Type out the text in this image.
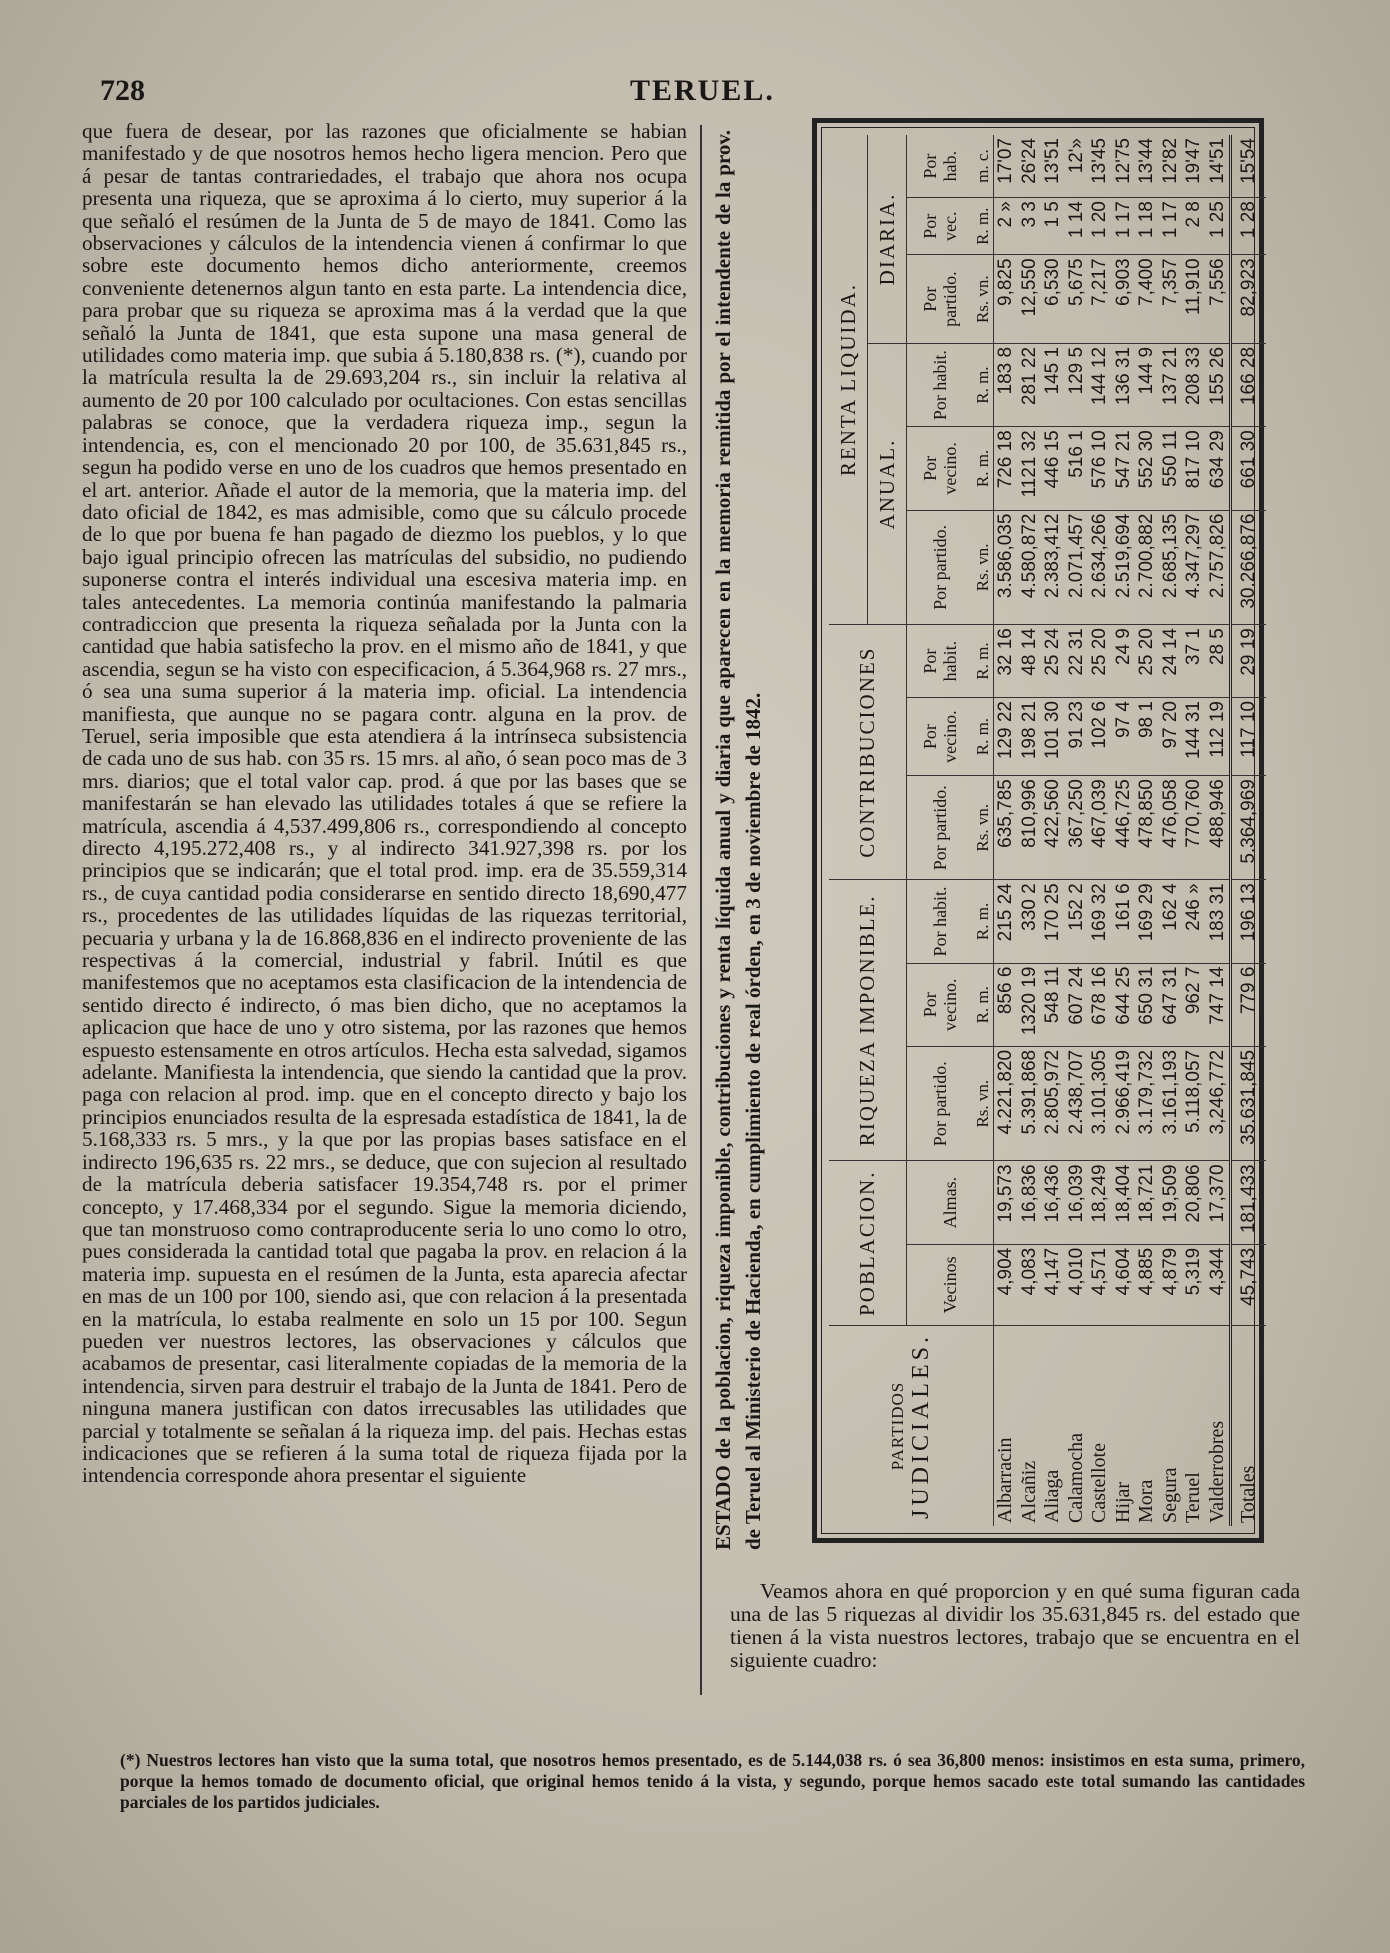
728	TERUEL.

que fuera de desear, por las razones que oficialmente se habian manifestado y de que nosotros hemos hecho ligera mencion. Pero que á pesar de tantas contrariedades, el trabajo que ahora nos ocupa presenta una riqueza, que se aproxima á lo cierto, muy superior á la que señaló el resúmen de la Junta de 5 de mayo de 1841. Como las observaciones y cálculos de la intendencia vienen á confirmar lo que sobre este documento hemos dicho anteriormente, creemos conveniente detenernos algun tanto en esta parte. La intendencia dice, para probar que su riqueza se aproxima mas á la verdad que la que señaló la Junta de 1841, que esta supone una masa general de utilidades como materia imp. que subia á 5.180,838 rs. (*), cuando por la matrícula resulta la de 29.693,204 rs., sin incluir la relativa al aumento de 20 por 100 calculado por ocultaciones. Con estas sencillas palabras se conoce, que la verdadera riqueza imp., segun la intendencia, es, con el mencionado 20 por 100, de 35.631,845 rs., segun ha podido verse en uno de los cuadros que hemos presentado en el art. anterior. Añade el autor de la memoria, que la materia imp. del dato oficial de 1842, es mas admisible, como que su cálculo procede de lo que por buena fe han pagado de diezmo los pueblos, y lo que bajo igual principio ofrecen las matrículas del subsidio, no pudiendo suponerse contra el interés individual una escesiva materia imp. en tales antecedentes. La memoria continúa manifestando la palmaria contradiccion que presenta la riqueza señalada por la Junta con la cantidad que habia satisfecho la prov. en el mismo año de 1841, y que ascendia, segun se ha visto con especificacion, á 5.364,968 rs. 27 mrs., ó sea una suma superior á la materia imp. oficial. La intendencia manifiesta, que aunque no se pagara contr. alguna en la prov. de Teruel, seria imposible que esta atendiera á la intrínseca subsistencia de cada uno de sus hab. con 35 rs. 15 mrs. al año, ó sean poco mas de 3 mrs. diarios; que el total valor cap. prod. á que por las bases que se manifestarán se han elevado las utilidades totales á que se refiere la matrícula, ascendia á 4,537.499,806 rs., correspondiendo al concepto directo 4,195.272,408 rs., y al indirecto 341.927,398 rs. por los principios que se indicarán; que el total prod. imp. era de 35.559,314 rs., de cuya cantidad podia considerarse en sentido directo 18,690,477 rs., procedentes de las utilidades líquidas de las riquezas territorial, pecuaria y urbana y la de 16.868,836 en el indirecto proveniente de las respectivas á la comercial, industrial y fabril. Inútil es que manifestemos que no aceptamos esta clasificacion de la intendencia de sentido directo é indirecto, ó mas bien dicho, que no aceptamos la aplicacion que hace de uno y otro sistema, por las razones que hemos espuesto estensamente en otros artículos. Hecha esta salvedad, sigamos adelante. Manifiesta la intendencia, que siendo la cantidad que la prov. paga con relacion al prod. imp. que en el concepto directo y bajo los principios enunciados resulta de la espresada estadística de 1841, la de 5.168,333 rs. 5 mrs., y la que por las propias bases satisface en el indirecto 196,635 rs. 22 mrs., se deduce, que con sujecion al resultado de la matrícula deberia satisfacer 19.354,748 rs. por el primer concepto, y 17.468,334 por el segundo. Sigue la memoria diciendo, que tan monstruoso como contraproducente seria lo uno como lo otro, pues considerada la cantidad total que pagaba la prov. en relacion á la materia imp. supuesta en el resúmen de la Junta, esta aparecia afectar en mas de un 100 por 100, siendo asi, que con relacion á la presentada en la matrícula, lo estaba realmente en solo un 15 por 100. Segun pueden ver nuestros lectores, las observaciones y cálculos que acabamos de presentar, casi literalmente copiadas de la memoria de la intendencia, sirven para destruir el trabajo de la Junta de 1841. Pero de ninguna manera justifican con datos irrecusables las utilidades que parcial y totalmente se señalan á la riqueza imp. del pais. Hechas estas indicaciones que se refieren á la suma total de riqueza fijada por la intendencia corresponde ahora presentar el siguiente	ESTADO de la poblacion, riqueza imponible, contribuciones y renta líquida anual y diaria que aparecen en la memoria remitida por el intendente de la prov. de Teruel al Ministerio de Hacienda, en cumplimiento de real órden, en 3 de noviembre de 1842.	PARTIDOS JUDICIALES.	POBLACION.		RIQUEZA IMPONIBLE.			CONTRIBUCIONES			RENTA LIQUIDA.					
									ANUAL.			DIARIA.		
	Vecinos	Almas.	Por partido.	Por vecino.	Por habit.	Por partido.	Por vecino.	Por habit.	Por partido.	Por vecino.	Por habit.	Por partido.	Por vec.	Por hab.
			Rs. vn.	R. m.	R. m.	Rs. vn.	R. m.	R. m.	Rs. vn.	R. m.	R. m.	Rs. vn.	R. m.	m. c.
Albarracin	4,904	19,573	4.221,820	856 6	215 24	635,785	129 22	32 16	3.586,035	726 18	183 8	9,825	2 »	17'07
Alcañiz	4,083	16,836	5.391,868	1320 19	330 2	810,996	198 21	48 14	4.580,872	1121 32	281 22	12,550	3 3	26'24
Aliaga	4,147	16,436	2.805,972	548 11	170 25	422,560	101 30	25 24	2.383,412	446 15	145 1	6,530	1 5	13'51
Calamocha	4,010	16,039	2.438,707	607 24	152 2	367,250	91 23	22 31	2.071,457	516 1	129 5	5,675	1 14	12'»
Castellote	4,571	18,249	3.101,305	678 16	169 32	467,039	102 6	25 20	2.634,266	576 10	144 12	7,217	1 20	13'45
Hijar	4,604	18,404	2.966,419	644 25	161 6	446,725	97 4	24 9	2.519,694	547 21	136 31	6,903	1 17	12'75
Mora	4,885	18,721	3.179,732	650 31	169 29	478,850	98 1	25 20	2.700,882	552 30	144 9	7,400	1 18	13'44
Segura	4,879	19,509	3.161,193	647 31	162 4	476,058	97 20	24 14	2.685,135	550 11	137 21	7,357	1 17	12'82
Teruel	5,319	20,806	5.118,057	962 7	246 »	770,760	144 31	37 1	4.347,297	817 10	208 33	11,910	2 8	19'47
Valderrobres	4,344	17,370	3,246,772	747 14	183 31	488,946	112 19	28 5	2.757,826	634 29	155 26	7,556	1 25	14'51
Totales	45,743	181,433	35.631,845	779 6	196 13	5.364,969	117 10	29 19	30.266,876	661 30	166 28	82,923	1 28	15'54

Veamos ahora en qué proporcion y en qué suma figuran cada una de las 5 riquezas al dividir los 35.631,845 rs. del estado que tienen á la vista nuestros lectores, trabajo que se encuentra en el siguiente cuadro:

(*) Nuestros lectores han visto que la suma total, que nosotros hemos presentado, es de 5.144,038 rs. ó sea 36,800 menos: insistimos en esta suma, primero, porque la hemos tomado de documento oficial, que original hemos tenido á la vista, y segundo, porque hemos sacado este total sumando las cantidades parciales de los partidos judiciales.
